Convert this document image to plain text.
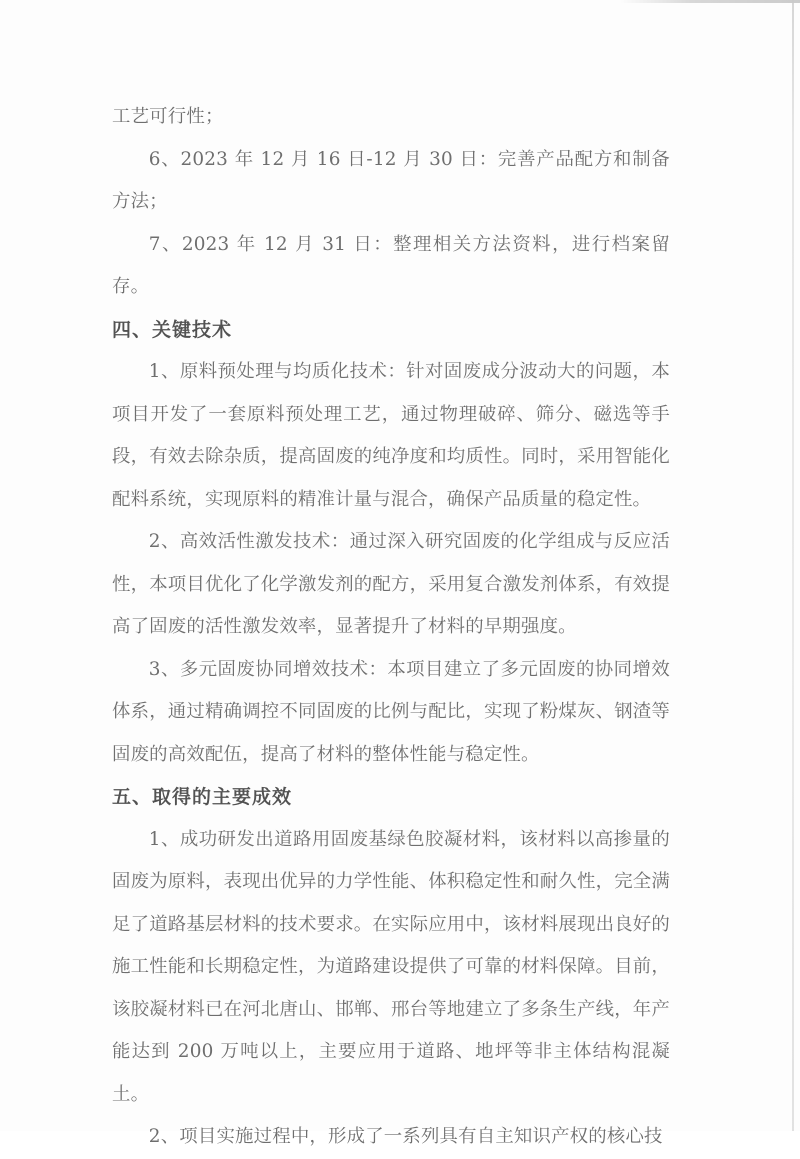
工艺可行性；

6、2023 年 12 月 16 日-12 月 30 日：完善产品配方和制备方法；

7、2023 年 12 月 31 日：整理相关方法资料，进行档案留存。

四、关键技术

1、原料预处理与均质化技术：针对固废成分波动大的问题，本项目开发了一套原料预处理工艺，通过物理破碎、筛分、磁选等手段，有效去除杂质，提高固废的纯净度和均质性。同时，采用智能化配料系统，实现原料的精准计量与混合，确保产品质量的稳定性。

2、高效活性激发技术：通过深入研究固废的化学组成与反应活性，本项目优化了化学激发剂的配方，采用复合激发剂体系，有效提高了固废的活性激发效率，显著提升了材料的早期强度。

3、多元固废协同增效技术：本项目建立了多元固废的协同增效体系，通过精确调控不同固废的比例与配比，实现了粉煤灰、钢渣等固废的高效配伍，提高了材料的整体性能与稳定性。

五、取得的主要成效

1、成功研发出道路用固废基绿色胶凝材料，该材料以高掺量的固废为原料，表现出优异的力学性能、体积稳定性和耐久性，完全满足了道路基层材料的技术要求。在实际应用中，该材料展现出良好的施工性能和长期稳定性，为道路建设提供了可靠的材料保障。目前，该胶凝材料已在河北唐山、邯郸、邢台等地建立了多条生产线，年产能达到 200 万吨以上，主要应用于道路、地坪等非主体结构混凝土。

2、项目实施过程中，形成了一系列具有自主知识产权的核心技
